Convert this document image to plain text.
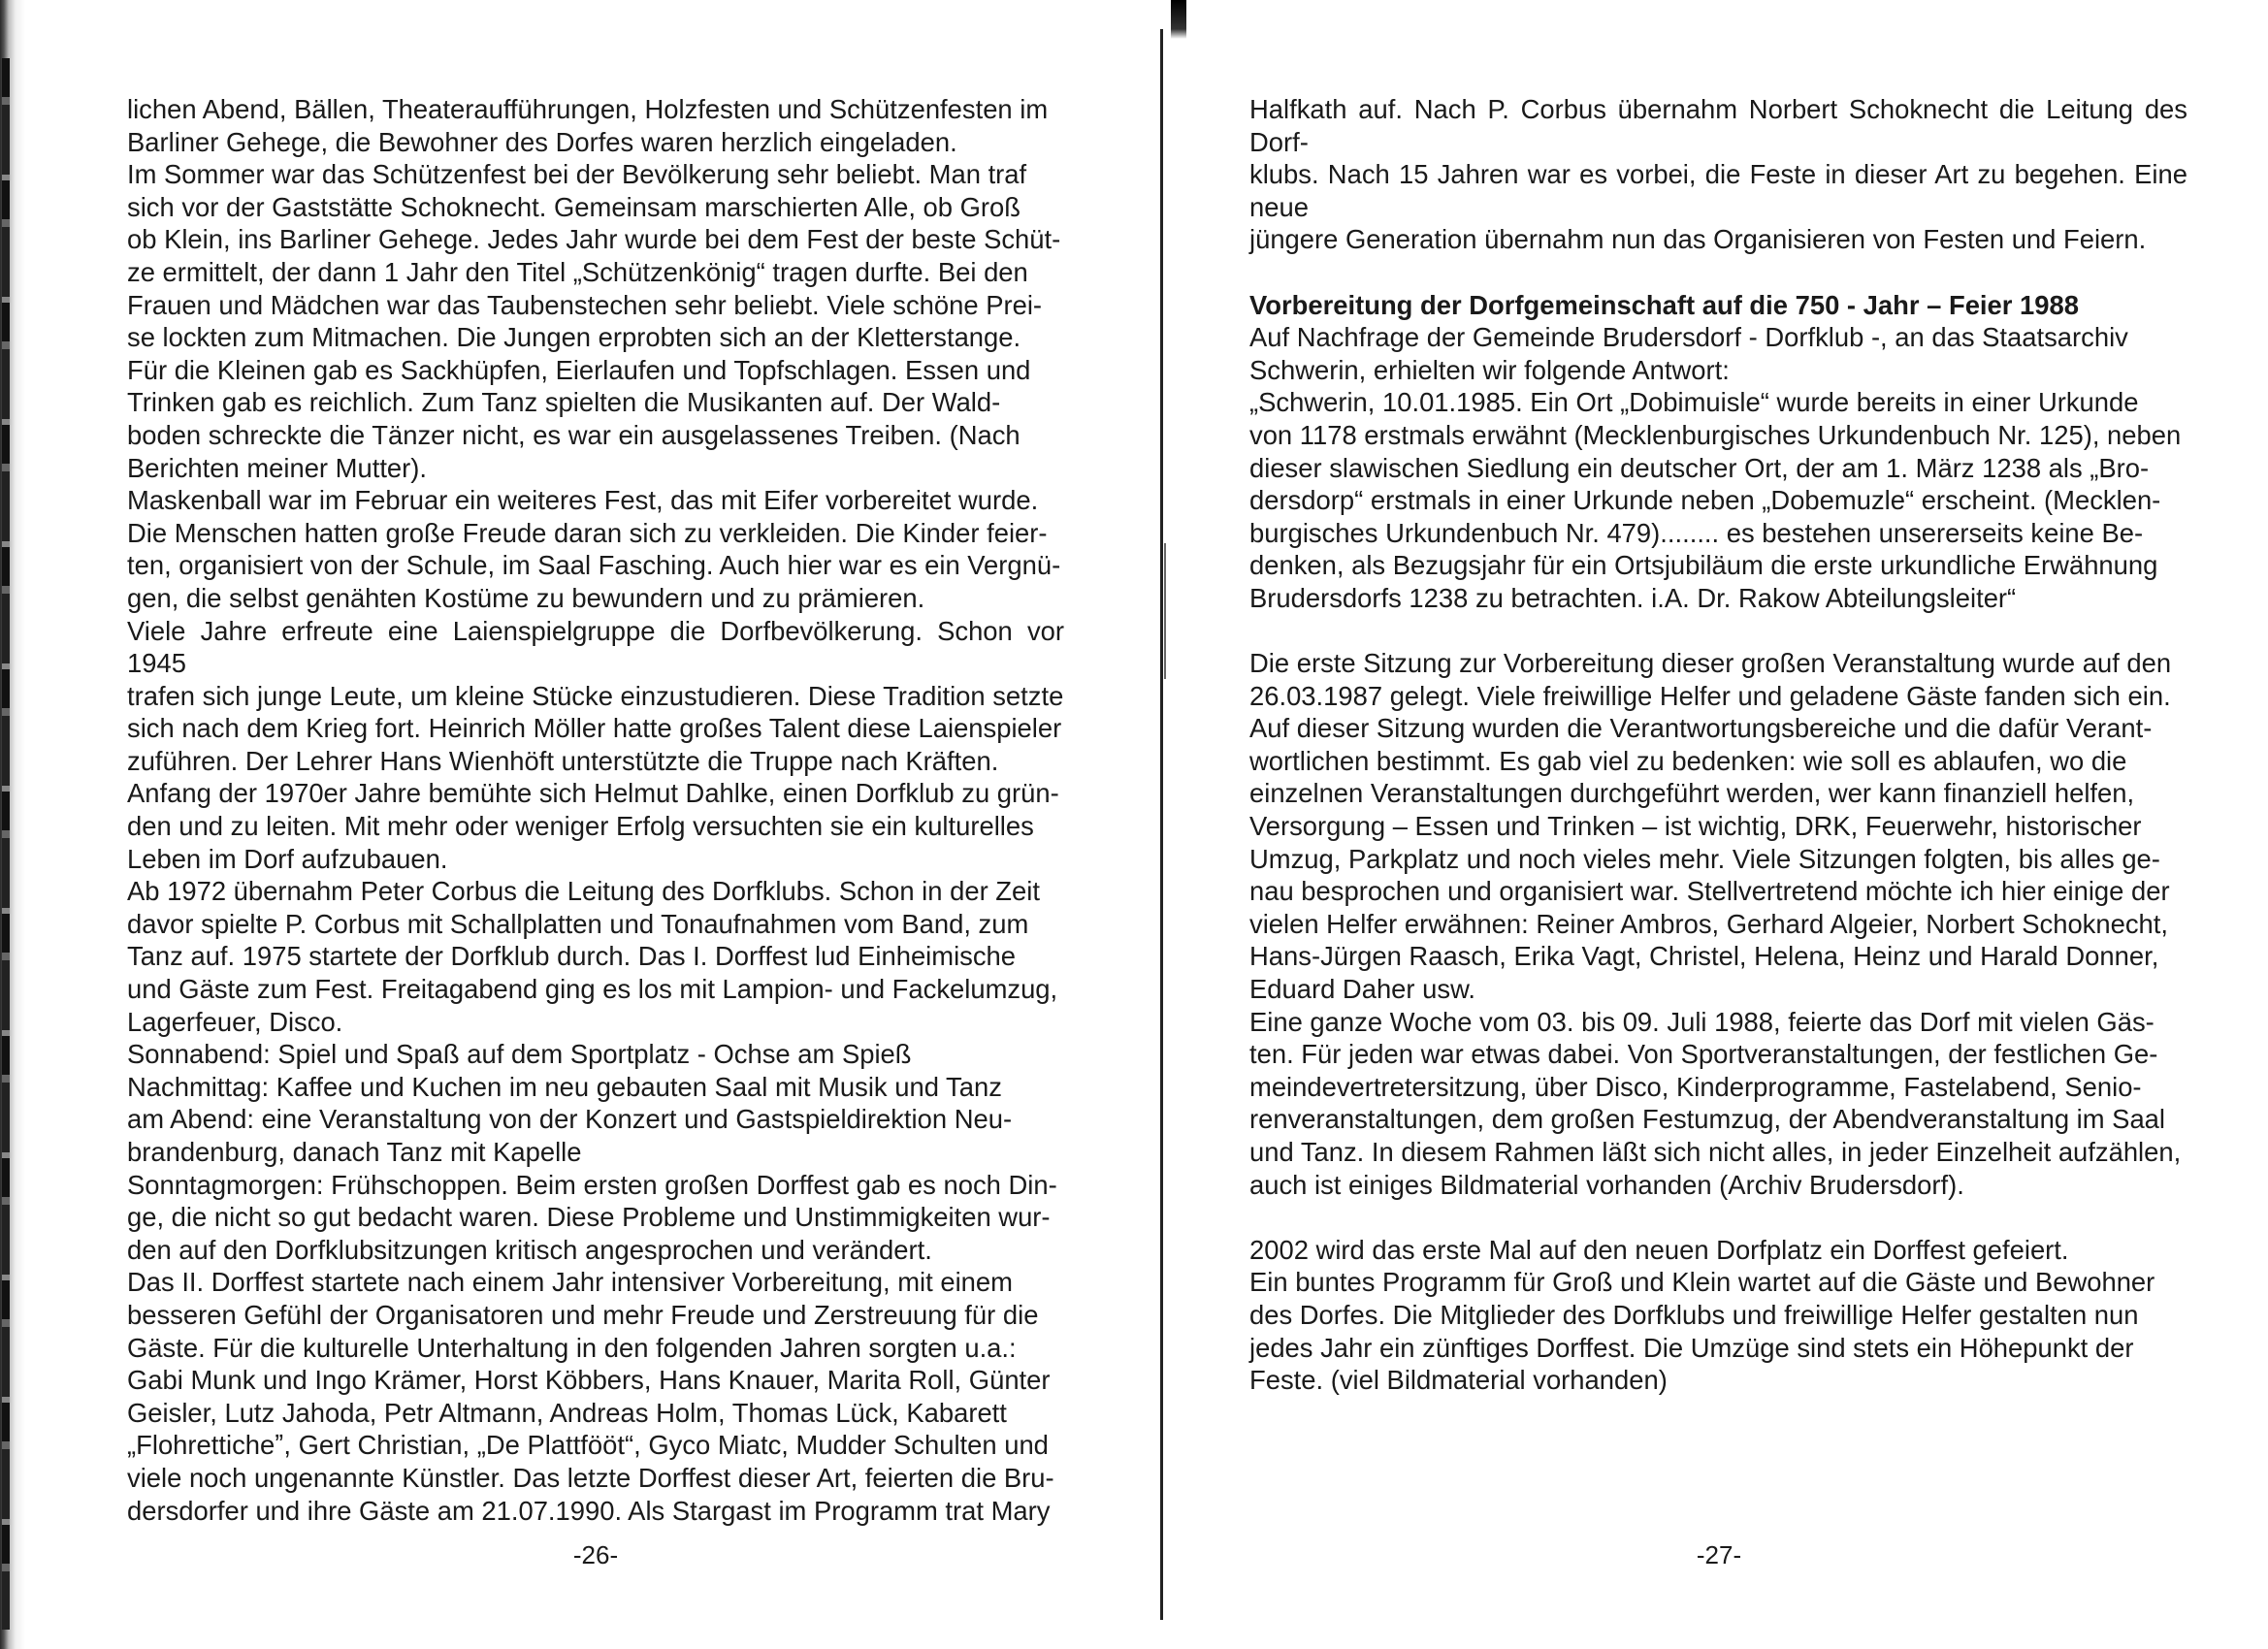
lichen Abend, Bällen, Theateraufführungen, Holzfesten und Schützenfesten im

Barliner Gehege, die Bewohner des Dorfes waren herzlich eingeladen.

Im Sommer war das Schützenfest bei der Bevölkerung sehr beliebt. Man traf

sich vor der Gaststätte Schoknecht. Gemeinsam marschierten Alle, ob Groß

ob Klein, ins Barliner Gehege. Jedes Jahr wurde bei dem Fest der beste Schüt-

ze ermittelt, der dann 1 Jahr den Titel „Schützenkönig“ tragen durfte. Bei den

Frauen und Mädchen war das Taubenstechen sehr beliebt. Viele schöne Prei-

se lockten zum Mitmachen. Die Jungen erprobten sich an der Kletterstange.

Für die Kleinen gab es Sackhüpfen, Eierlaufen und Topfschlagen. Essen und

Trinken gab es reichlich. Zum Tanz spielten die Musikanten auf. Der Wald-

boden schreckte die Tänzer nicht, es war ein ausgelassenes Treiben. (Nach

Berichten meiner Mutter).

Maskenball war im Februar ein weiteres Fest, das mit Eifer vorbereitet wurde.

Die Menschen hatten große Freude daran sich zu verkleiden. Die Kinder feier-

ten, organisiert von der Schule, im Saal Fasching. Auch hier war es ein Vergnü-

gen, die selbst genähten Kostüme zu bewundern und zu prämieren.

Viele Jahre erfreute eine Laienspielgruppe die Dorfbevölkerung. Schon vor 1945

trafen sich junge Leute, um kleine Stücke einzustudieren. Diese Tradition setzte

sich nach dem Krieg fort. Heinrich Möller hatte großes Talent diese Laienspieler

zuführen. Der Lehrer Hans Wienhöft unterstützte die Truppe nach Kräften.

Anfang der 1970er Jahre bemühte sich Helmut Dahlke, einen Dorfklub zu grün-

den und zu leiten. Mit mehr oder weniger Erfolg versuchten sie ein kulturelles

Leben im Dorf aufzubauen.

Ab 1972 übernahm Peter Corbus die Leitung des Dorfklubs. Schon in der Zeit

davor spielte P. Corbus mit Schallplatten und Tonaufnahmen vom Band, zum

Tanz auf. 1975 startete der Dorfklub durch. Das I. Dorffest lud Einheimische

und Gäste zum Fest. Freitagabend ging es los mit Lampion- und Fackelumzug,

Lagerfeuer, Disco.

Sonnabend: Spiel und Spaß auf dem Sportplatz - Ochse am Spieß

Nachmittag: Kaffee und Kuchen im neu gebauten Saal mit Musik und Tanz

am Abend: eine Veranstaltung von der Konzert und Gastspieldirektion Neu-

brandenburg, danach Tanz mit Kapelle

Sonntagmorgen: Frühschoppen. Beim ersten großen Dorffest gab es noch Din-

ge, die nicht so gut bedacht waren. Diese Probleme und Unstimmigkeiten wur-

den auf den Dorfklubsitzungen kritisch angesprochen und verändert.

Das II. Dorffest startete nach einem Jahr intensiver Vorbereitung, mit einem

besseren Gefühl der Organisatoren und mehr Freude und Zerstreuung für die

Gäste. Für die kulturelle Unterhaltung in den folgenden Jahren sorgten u.a.:

Gabi Munk und Ingo Krämer, Horst Köbbers, Hans Knauer, Marita Roll, Günter

Geisler, Lutz Jahoda, Petr Altmann, Andreas Holm, Thomas Lück, Kabarett

„Flohretticheˮ, Gert Christian, „De Plattfööt“, Gyco Miatc, Mudder Schulten und

viele noch ungenannte Künstler. Das letzte Dorffest dieser Art, feierten die Bru-

dersdorfer und ihre Gäste am 21.07.1990. Als Stargast im Programm trat Mary

-26-

Halfkath auf. Nach P. Corbus übernahm Norbert Schoknecht die Leitung des Dorf-

klubs. Nach 15 Jahren war es vorbei, die Feste in dieser Art zu begehen. Eine neue

jüngere Generation übernahm nun das Organisieren von Festen und Feiern.

Vorbereitung der Dorfgemeinschaft auf die 750 - Jahr – Feier 1988

Auf Nachfrage der Gemeinde Brudersdorf - Dorfklub -, an das Staatsarchiv

Schwerin, erhielten wir folgende Antwort:

„Schwerin, 10.01.1985. Ein Ort „Dobimuisle“ wurde bereits in einer Urkunde

von 1178 erstmals erwähnt (Mecklenburgisches Urkundenbuch Nr. 125), neben

dieser slawischen Siedlung ein deutscher Ort, der am 1. März 1238 als „Bro-

dersdorp“ erstmals in einer Urkunde neben „Dobemuzle“ erscheint. (Mecklen-

burgisches Urkundenbuch Nr. 479)........ es bestehen unsererseits keine Be-

denken, als Bezugsjahr für ein Ortsjubiläum die erste urkundliche Erwähnung

Brudersdorfs 1238 zu betrachten. i.A. Dr. Rakow Abteilungsleiter“

Die erste Sitzung zur Vorbereitung dieser großen Veranstaltung wurde auf den

26.03.1987 gelegt. Viele freiwillige Helfer und geladene Gäste fanden sich ein.

Auf dieser Sitzung wurden die Verantwortungsbereiche und die dafür Verant-

wortlichen bestimmt. Es gab viel zu bedenken: wie soll es ablaufen, wo die

einzelnen Veranstaltungen durchgeführt werden, wer kann finanziell helfen,

Versorgung – Essen und Trinken – ist wichtig, DRK, Feuerwehr, historischer

Umzug, Parkplatz und noch vieles mehr. Viele Sitzungen folgten, bis alles ge-

nau besprochen und organisiert war. Stellvertretend möchte ich hier einige der

vielen Helfer erwähnen: Reiner Ambros, Gerhard Algeier, Norbert Schoknecht,

Hans-Jürgen Raasch, Erika Vagt, Christel, Helena, Heinz und Harald Donner,

Eduard Daher usw.

Eine ganze Woche vom 03. bis 09. Juli 1988, feierte das Dorf mit vielen Gäs-

ten. Für jeden war etwas dabei. Von Sportveranstaltungen, der festlichen Ge-

meindevertretersitzung, über Disco, Kinderprogramme, Fastelabend, Senio-

renveranstaltungen, dem großen Festumzug, der Abendveranstaltung im Saal

und Tanz. In diesem Rahmen läßt sich nicht alles, in jeder Einzelheit aufzählen,

auch ist einiges Bildmaterial vorhanden (Archiv Brudersdorf).

2002 wird das erste Mal auf den neuen Dorfplatz ein Dorffest gefeiert.

Ein buntes Programm für Groß und Klein wartet auf die Gäste und Bewohner

des Dorfes. Die Mitglieder des Dorfklubs und freiwillige Helfer gestalten nun

jedes Jahr ein zünftiges Dorffest. Die Umzüge sind stets ein Höhepunkt der

Feste. (viel Bildmaterial vorhanden)

-27-
